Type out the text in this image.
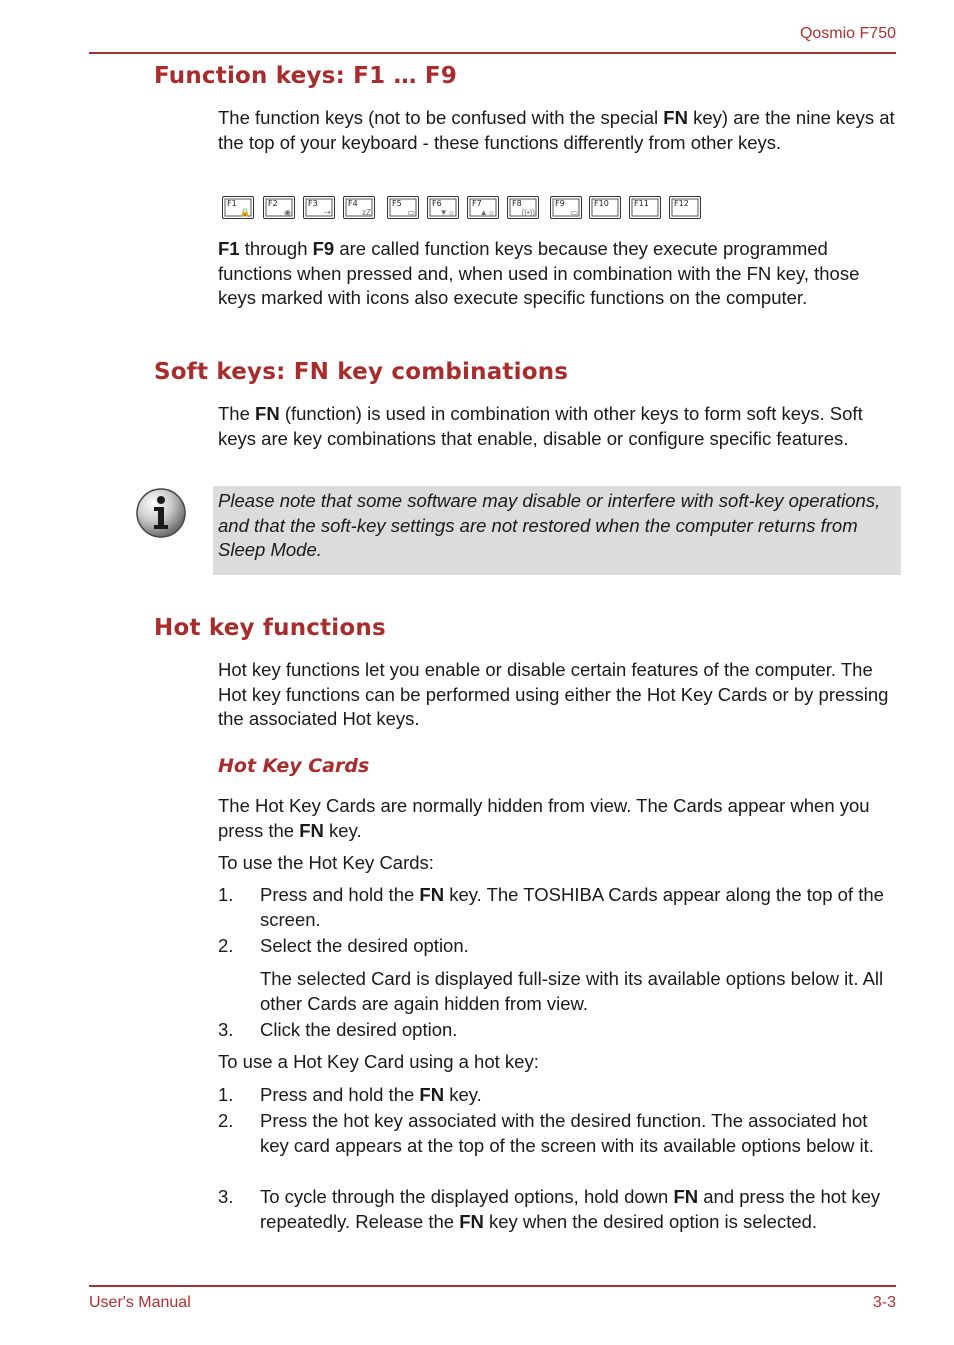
Qosmio F750
Function keys: F1 … F9

The function keys (not to be confused with the special FN key) are the nine keys at the top of your keyboard - these functions differently from other keys.

F1
🔒
F2
◉
F3
⇢
F4
zZ
F5
▭
F6
▼☼
F7
▲☼
F8
((•))
F9
▭
F10	F11	F12

F1 through F9 are called function keys because they execute programmed functions when pressed and, when used in combination with the FN key, those keys marked with icons also execute specific functions on the computer.

Soft keys: FN key combinations

The FN (function) is used in combination with other keys to form soft keys. Soft keys are key combinations that enable, disable or configure specific features.

Please note that some software may disable or interfere with soft-key operations, and that the soft-key settings are not restored when the computer returns from Sleep Mode.

Hot key functions

Hot key functions let you enable or disable certain features of the computer. The Hot key functions can be performed using either the Hot Key Cards or by pressing the associated Hot keys.

Hot Key Cards

The Hot Key Cards are normally hidden from view. The Cards appear when you press the FN key.

To use the Hot Key Cards:

1.	Press and hold the FN key. The TOSHIBA Cards appear along the top of the screen.
2.	Select the desired option.
The selected Card is displayed full-size with its available options below it. All other Cards are again hidden from view.
3.	Click the desired option.

To use a Hot Key Card using a hot key:

1.	Press and hold the FN key.
2.	Press the hot key associated with the desired function. The associated hot key card appears at the top of the screen with its available options below it.
3.	To cycle through the displayed options, hold down FN and press the hot key repeatedly. Release the FN key when the desired option is selected.
User's Manual	3-3
